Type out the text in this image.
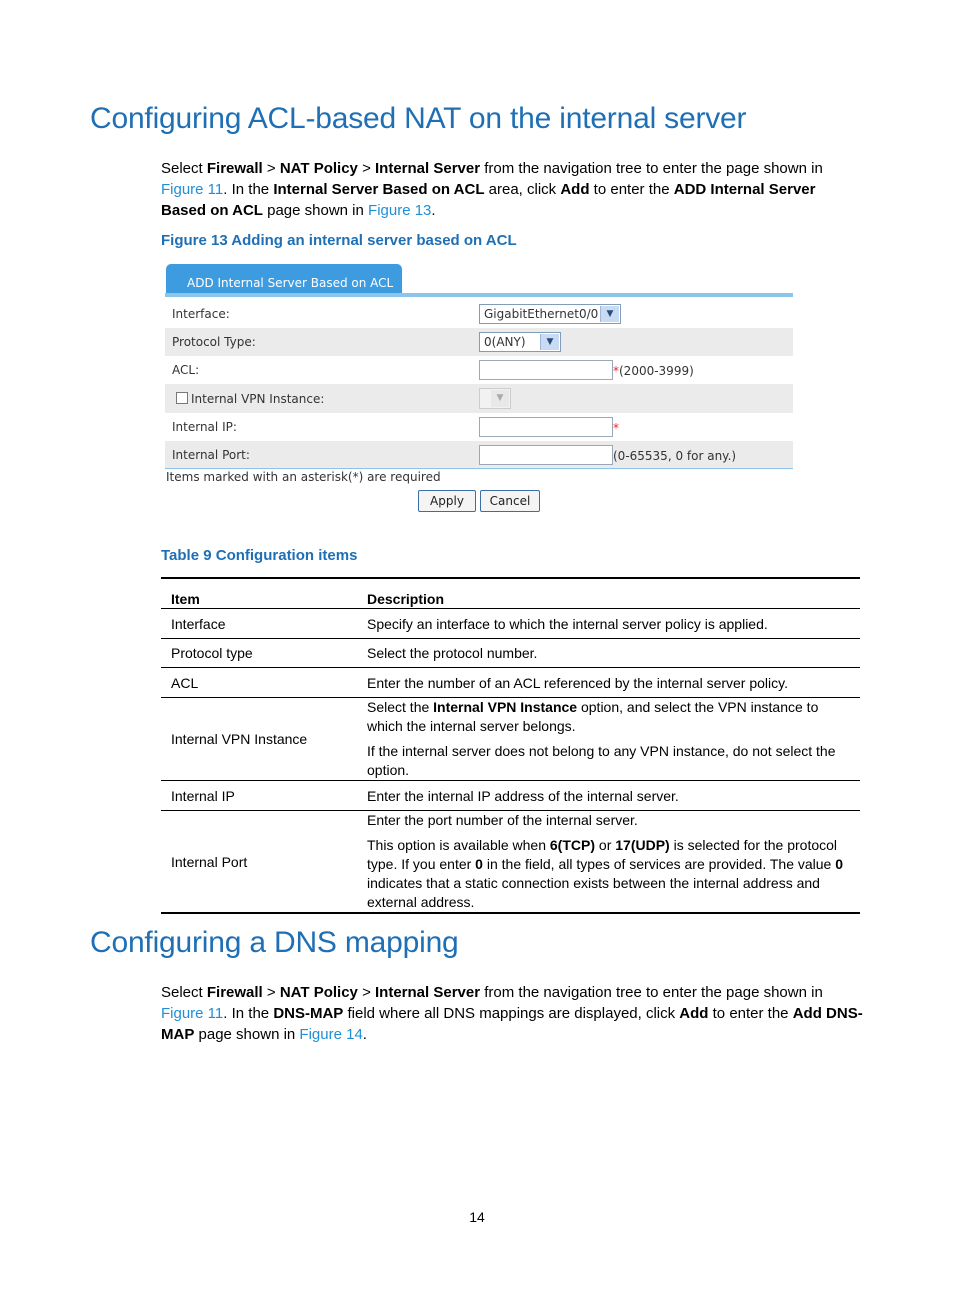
Configuring ACL-based NAT on the internal server

Select Firewall > NAT Policy > Internal Server from the navigation tree to enter the page shown in Figure 11. In the Internal Server Based on ACL area, click Add to enter the ADD Internal Server Based on ACL page shown in Figure 13.

Figure 13 Adding an internal server based on ACL
ADD Internal Server Based on ACL
Interface:	GigabitEthernet0/0 ▼
Protocol Type:	0(ANY)	▼
ACL:	*(2000-3999)
Internal VPN Instance:	▼
Internal IP:	*
Internal Port:	(0-65535, 0 for any.)
Items marked with an asterisk(*) are required
Apply	Cancel
Table 9 Configuration items
Item	Description
Interface	Specify an interface to which the internal server policy is applied.
Protocol type	Select the protocol number.
ACL	Enter the number of an ACL referenced by the internal server policy.
Internal VPN Instance	Select the Internal VPN Instance option, and select the VPN instance to which the internal server belongs.

If the internal server does not belong to any VPN instance, do not select the option.

Internal IP	Enter the internal IP address of the internal server.
Internal Port	Enter the port number of the internal server.

This option is available when 6(TCP) or 17(UDP) is selected for the protocol type. If you enter 0 in the field, all types of services are provided. The value 0 indicates that a static connection exists between the internal address and external address.

Configuring a DNS mapping

Select Firewall > NAT Policy > Internal Server from the navigation tree to enter the page shown in Figure 11. In the DNS-MAP field where all DNS mappings are displayed, click Add to enter the Add DNS-MAP page shown in Figure 14.

14
